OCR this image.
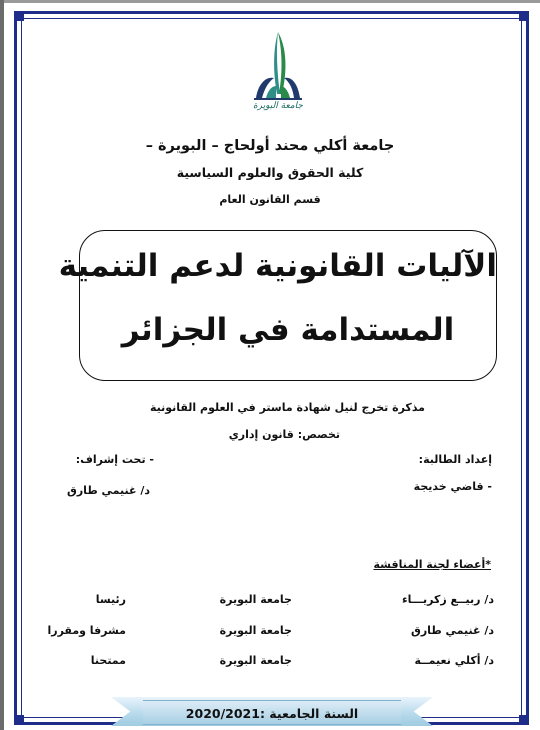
جامعة البويرة
جامعة أكلي محند أولحاج – البويرة –
كلية الحقوق والعلوم السياسية
قسم القانون العام
الآليات القانونية لدعم التنمية
المستدامة في الجزائر
مذكرة تخرج لنيل شهادة ماستر في العلوم القانونية
تخصص: قانون إداري
إعداد الطالبة:
- تحت إشراف:
- قاضي خديجة
د/ غنيمي طارق
*أعضاء لجنة المناقشة
د/ ربيــع زكريـــاء
جامعة البويرة
رئيسا
د/ غنيمي طارق
جامعة البويرة
مشرفا ومقررا
د/ أكلي نعيمــة
جامعة البويرة
ممتحنا
السنة الجامعية :2020/2021
